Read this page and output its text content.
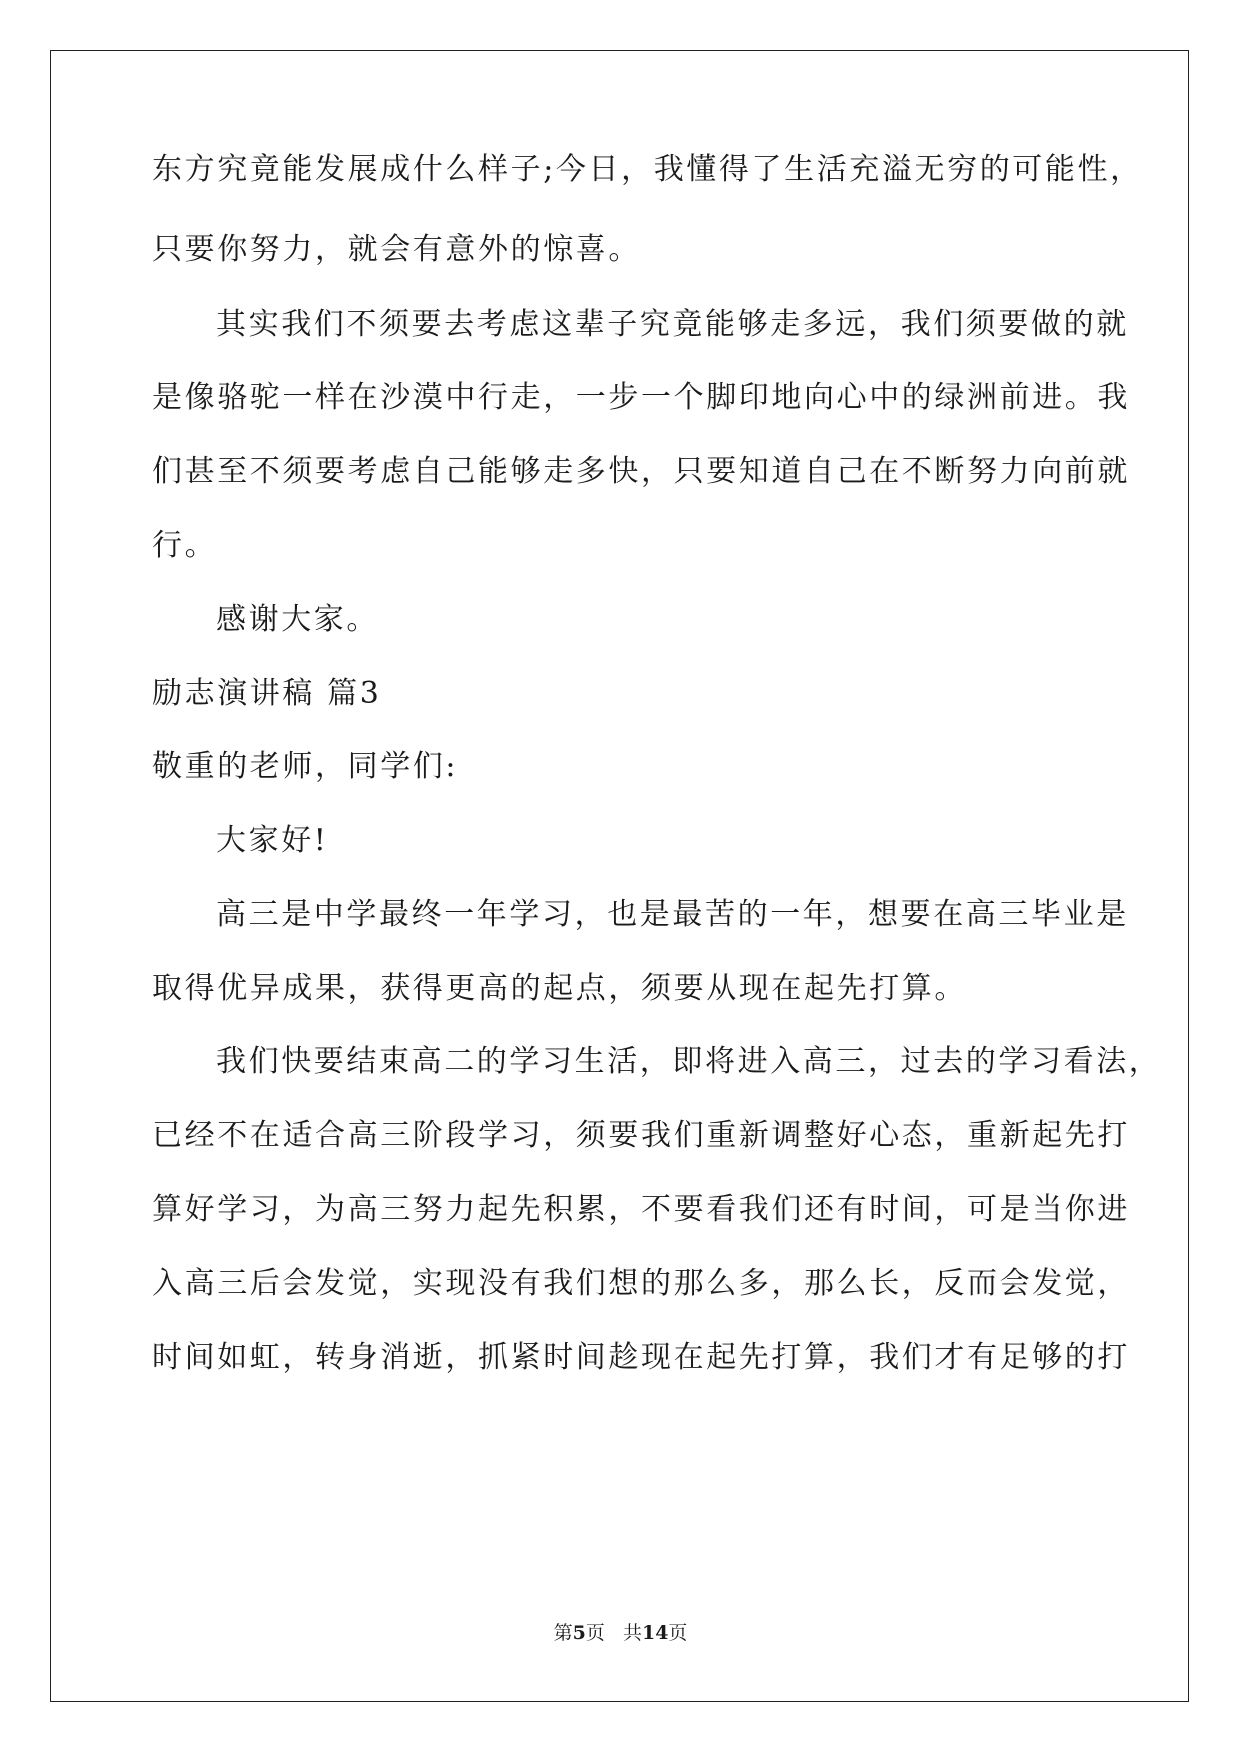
东方究竟能发展成什么样子;今日，我懂得了生活充溢无穷的可能性，
只要你努力，就会有意外的惊喜。
其实我们不须要去考虑这辈子究竟能够走多远，我们须要做的就
是像骆驼一样在沙漠中行走，一步一个脚印地向心中的绿洲前进。我
们甚至不须要考虑自己能够走多快，只要知道自己在不断努力向前就
行。
感谢大家。
励志演讲稿 篇3
敬重的老师，同学们:
大家好!
高三是中学最终一年学习，也是最苦的一年，想要在高三毕业是
取得优异成果，获得更高的起点，须要从现在起先打算。
我们快要结束高二的学习生活，即将进入高三，过去的学习看法，
已经不在适合高三阶段学习，须要我们重新调整好心态，重新起先打
算好学习，为高三努力起先积累，不要看我们还有时间，可是当你进
入高三后会发觉，实现没有我们想的那么多，那么长，反而会发觉，
时间如虹，转身消逝，抓紧时间趁现在起先打算，我们才有足够的打
第5页 共14页
